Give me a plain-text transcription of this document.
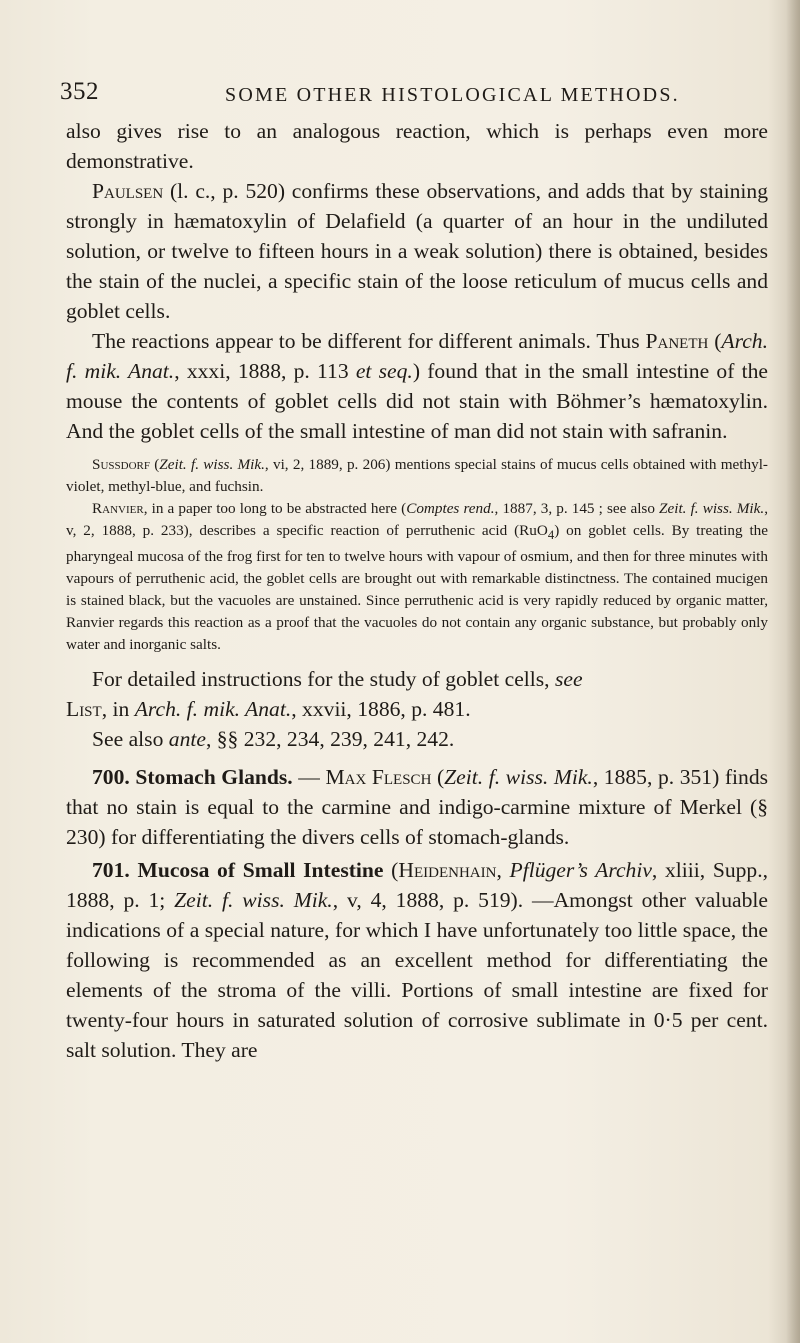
352	SOME OTHER HISTOLOGICAL METHODS.

also gives rise to an analogous reaction, which is perhaps even more demonstrative.

Paulsen (l. c., p. 520) confirms these observations, and adds that by staining strongly in hæmatoxylin of Delafield (a quarter of an hour in the undiluted solution, or twelve to fifteen hours in a weak solution) there is obtained, besides the stain of the nuclei, a specific stain of the loose reticulum of mucus cells and goblet cells.

The reactions appear to be different for different animals. Thus Paneth (Arch. f. mik. Anat., xxxi, 1888, p. 113 et seq.) found that in the small intestine of the mouse the contents of goblet cells did not stain with Böhmer’s hæmatoxylin. And the goblet cells of the small intestine of man did not stain with safranin.

Sussdorf (Zeit. f. wiss. Mik., vi, 2, 1889, p. 206) mentions special stains of mucus cells obtained with methyl-violet, methyl-blue, and fuchsin.

Ranvier, in a paper too long to be abstracted here (Comptes rend., 1887, 3, p. 145 ; see also Zeit. f. wiss. Mik., v, 2, 1888, p. 233), describes a specific reaction of perruthenic acid (RuO$_4$) on goblet cells. By treating the pharyngeal mucosa of the frog first for ten to twelve hours with vapour of osmium, and then for three minutes with vapours of perruthenic acid, the goblet cells are brought out with remarkable distinctness. The contained mucigen is stained black, but the vacuoles are unstained. Since perruthenic acid is very rapidly reduced by organic matter, Ranvier regards this reaction as a proof that the vacuoles do not contain any organic substance, but probably only water and inorganic salts.

For detailed instructions for the study of goblet cells, see
List, in Arch. f. mik. Anat., xxvii, 1886, p. 481.

See also ante, §§ 232, 234, 239, 241, 242.

700. Stomach Glands. — Max Flesch (Zeit. f. wiss. Mik., 1885, p. 351) finds that no stain is equal to the carmine and indigo-carmine mixture of Merkel (§ 230) for differentiating the divers cells of stomach-glands.

701. Mucosa of Small Intestine (Heidenhain, Pflüger’s Archiv, xliii, Supp., 1888, p. 1; Zeit. f. wiss. Mik., v, 4, 1888, p. 519). —Amongst other valuable indications of a special nature, for which I have unfortunately too little space, the following is recommended as an excellent method for differentiating the elements of the stroma of the villi. Portions of small intestine are fixed for twenty-four hours in saturated solution of corrosive sublimate in 0·5 per cent. salt solution. They are
